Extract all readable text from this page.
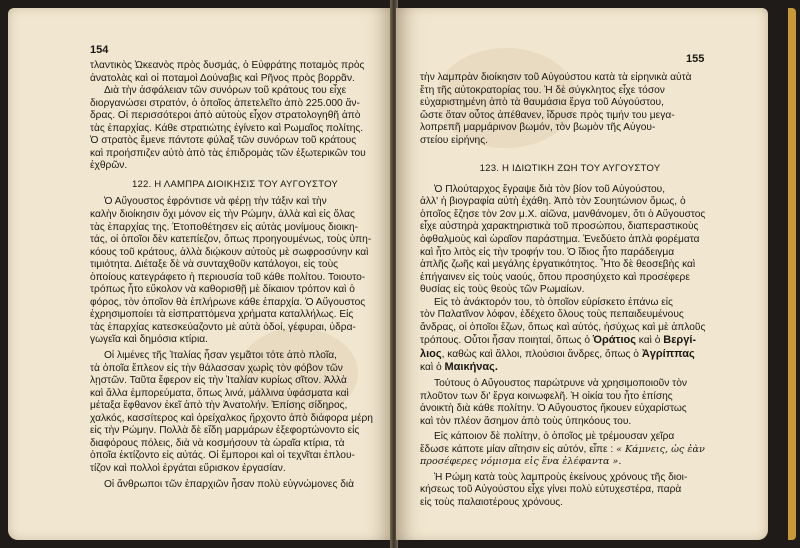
154

τλαντικὸς Ὠκεανὸς πρὸς δυσμάς, ὁ Εὐφράτης ποταμὸς πρὸς

ἀνατολὰς καὶ οἱ ποταμοὶ Δούναβις καὶ Ρῆνος πρὸς βορρᾶν.

Διὰ τὴν ἀσφάλειαν τῶν συνόρων τοῦ κράτους του εἶχε

διοργανώσει στρατόν, ὁ ὁποῖος ἀπετελεῖτο ἀπὸ 225.000 ἄν-

δρας. Οἱ περισσότεροι ἀπὸ αὐτοὺς εἶχον στρατολογηθῆ ἀπὸ

τὰς ἐπαρχίας. Κάθε στρατιώτης ἐγίνετο καὶ Ρωμαῖος πολίτης.

Ὁ στρατὸς ἔμενε πάντοτε φύλαξ τῶν συνόρων τοῦ κράτους

καὶ προήσπιζεν αὐτὸ ἀπὸ τὰς ἐπιδρομὰς τῶν ἐξωτερικῶν του

ἐχθρῶν.

122. Η ΛΑΜΠΡΑ ΔΙΟΙΚΗΣΙΣ ΤΟΥ ΑΥΓΟΥΣΤΟΥ

Ὁ Αὔγουστος ἐφρόντισε νὰ φέρῃ τὴν τάξιν καὶ τὴν

καλὴν διοίκησιν ὄχι μόνον εἰς τὴν Ρώμην, ἀλλὰ καὶ εἰς ὅλας

τὰς ἐπαρχίας της. Ἐτοποθέτησεν εἰς αὐτὰς μονίμους διοικη-

τάς, οἱ ὁποῖοι δὲν κατεπίεζον, ὅπως προηγουμένως, τοὺς ὑπη-

κόους τοῦ κράτους, ἀλλὰ διῴκουν αὐτοὺς μὲ σωφροσύνην καὶ

τιμιότητα. Διέταξε δὲ νὰ συνταχθοῦν κατάλογοι, εἰς τοὺς

ὁποίους κατεγράφετο ἡ περιουσία τοῦ κάθε πολίτου. Τοιουτο-

τρόπως ἦτο εὔκολον νὰ καθορισθῇ μὲ δίκαιον τρόπον καὶ ὁ

φόρος, τὸν ὁποῖον θὰ ἐπλήρωνε κάθε ἐπαρχία. Ὁ Αὔγουστος

ἐχρησιμοποίει τὰ εἰσπραττόμενα χρήματα καταλλήλως. Εἰς

τὰς ἐπαρχίας κατεσκεύαζοντο μὲ αὐτὰ ὁδοί, γέφυραι, ὑδρα-

γωγεῖα καὶ δημόσια κτίρια.

Οἱ λιμένες τῆς Ἰταλίας ἦσαν γεμᾶτοι τότε ἀπὸ πλοῖα,

τὰ ὁποῖα ἔπλεον εἰς τὴν θάλασσαν χωρὶς τὸν φόβον τῶν

λῃστῶν. Ταῦτα ἔφερον εἰς τὴν Ἰταλίαν κυρίως σῖτον. Ἀλλὰ

καὶ ἄλλα ἐμπορεύματα, ὅπως λινά, μάλλινα ὑφάσματα καὶ

μέταξα ἔφθανον ἐκεῖ ἀπὸ τὴν Ἀνατολήν. Ἐπίσης σίδηρος,

χαλκός, κασσίτερος καὶ ὀρείχαλκος ἤρχοντο ἀπὸ διάφορα μέρη

εἰς τὴν Ρώμην. Πολλὰ δὲ εἴδη μαρμάρων ἐξεφορτώνοντο εἰς

διαφόρους πόλεις, διὰ νὰ κοσμήσουν τὰ ὡραῖα κτίρια, τὰ

ὁποῖα ἐκτίζοντο εἰς αὐτάς. Οἱ ἔμποροι καὶ οἱ τεχνῖται ἐπλου-

τίζον καὶ πολλοὶ ἐργάται εὕρισκον ἐργασίαν.

Οἱ ἄνθρωποι τῶν ἐπαρχιῶν ἦσαν πολὺ εὐγνώμονες διὰ

155

τὴν λαμπρὰν διοίκησιν τοῦ Αὐγούστου κατὰ τὰ εἰρηνικὰ αὐτὰ

ἔτη τῆς αὐτοκρατορίας του. Ἡ δὲ σύγκλητος εἶχε τόσον

εὐχαριστημένη ἀπὸ τὰ θαυμάσια ἔργα τοῦ Αὐγούστου,

ὥστε ὅταν οὗτος ἀπέθανεν, ἵδρυσε πρὸς τιμήν του μεγα-

λοπρεπῆ μαρμάρινον βωμόν, τὸν βωμὸν τῆς Αὐγου-

στείου εἰρήνης.

123. Η ΙΔΙΩΤΙΚΗ ΖΩΗ ΤΟΥ ΑΥΓΟΥΣΤΟΥ

Ὁ Πλούταρχος ἔγραψε διὰ τὸν βίον τοῦ Αὐγούστου,

ἀλλ' ἡ βιογραφία αὐτὴ ἐχάθη. Ἀπὸ τὸν Σουητώνιον ὅμως, ὁ

ὁποῖος ἔζησε τὸν 2ον μ.Χ. αἰῶνα, μανθάνομεν, ὅτι ὁ Αὔγουστος

εἶχε αὐστηρὰ χαρακτηριστικὰ τοῦ προσώπου, διαπεραστικοὺς

ὀφθαλμοὺς καὶ ὡραῖον παράστημα. Ἐνεδύετο ἁπλὰ φορέματα

καὶ ἦτο λιτὸς εἰς τὴν τροφήν του. Ὁ ἴδιος ἦτο παράδειγμα

ἁπλῆς ζωῆς καὶ μεγάλης ἐργατικότητος. Ἦτο δὲ θεοσεβὴς καὶ

ἐπήγαινεν εἰς τοὺς ναούς, ὅπου προσηύχετο καὶ προσέφερε

θυσίας εἰς τοὺς θεοὺς τῶν Ρωμαίων.

Εἰς τὸ ἀνάκτορόν του, τὸ ὁποῖον εὑρίσκετο ἐπάνω εἰς

τὸν Παλατῖνον λόφον, ἐδέχετο ὅλους τοὺς πεπαιδευμένους

ἄνδρας, οἱ ὁποῖοι ἔζων, ὅπως καὶ αὐτός, ἡσύχως καὶ μὲ ἁπλοῦς

τρόπους. Οὗτοι ἦσαν ποιηταί, ὅπως ὁ Ὁράτιος καὶ ὁ Βεργί-

λιος, καθὼς καὶ ἄλλοι, πλούσιοι ἄνδρες, ὅπως ὁ Ἀγρίππας

καὶ ὁ Μαικήνας.

Τούτους ὁ Αὔγουστος παρώτρυνε νὰ χρησιμοποιοῦν τὸν

πλοῦτον των δι' ἔργα κοινωφελῆ. Ἡ οἰκία του ἦτο ἐπίσης

ἀνοικτὴ διὰ κάθε πολίτην. Ὁ Αὔγουστος ἤκουεν εὐχαρίστως

καὶ τὸν πλέον ἄσημον ἀπὸ τοὺς ὑπηκόους του.

Εἰς κάποιον δὲ πολίτην, ὁ ὁποῖος μὲ τρέμουσαν χεῖρα

ἔδωσε κάποτε μίαν αἴτησιν εἰς αὐτόν, εἶπε : « Κάμνεις, ὡς ἐὰν

προσέφερες νόμισμα εἰς ἕνα ἐλέφαντα ».

Ἡ Ρώμη κατὰ τοὺς λαμπροὺς ἐκείνους χρόνους τῆς διοι-

κήσεως τοῦ Αὐγούστου εἶχε γίνει πολὺ εὐτυχεστέρα, παρὰ

εἰς τοὺς παλαιοτέρους χρόνους.
